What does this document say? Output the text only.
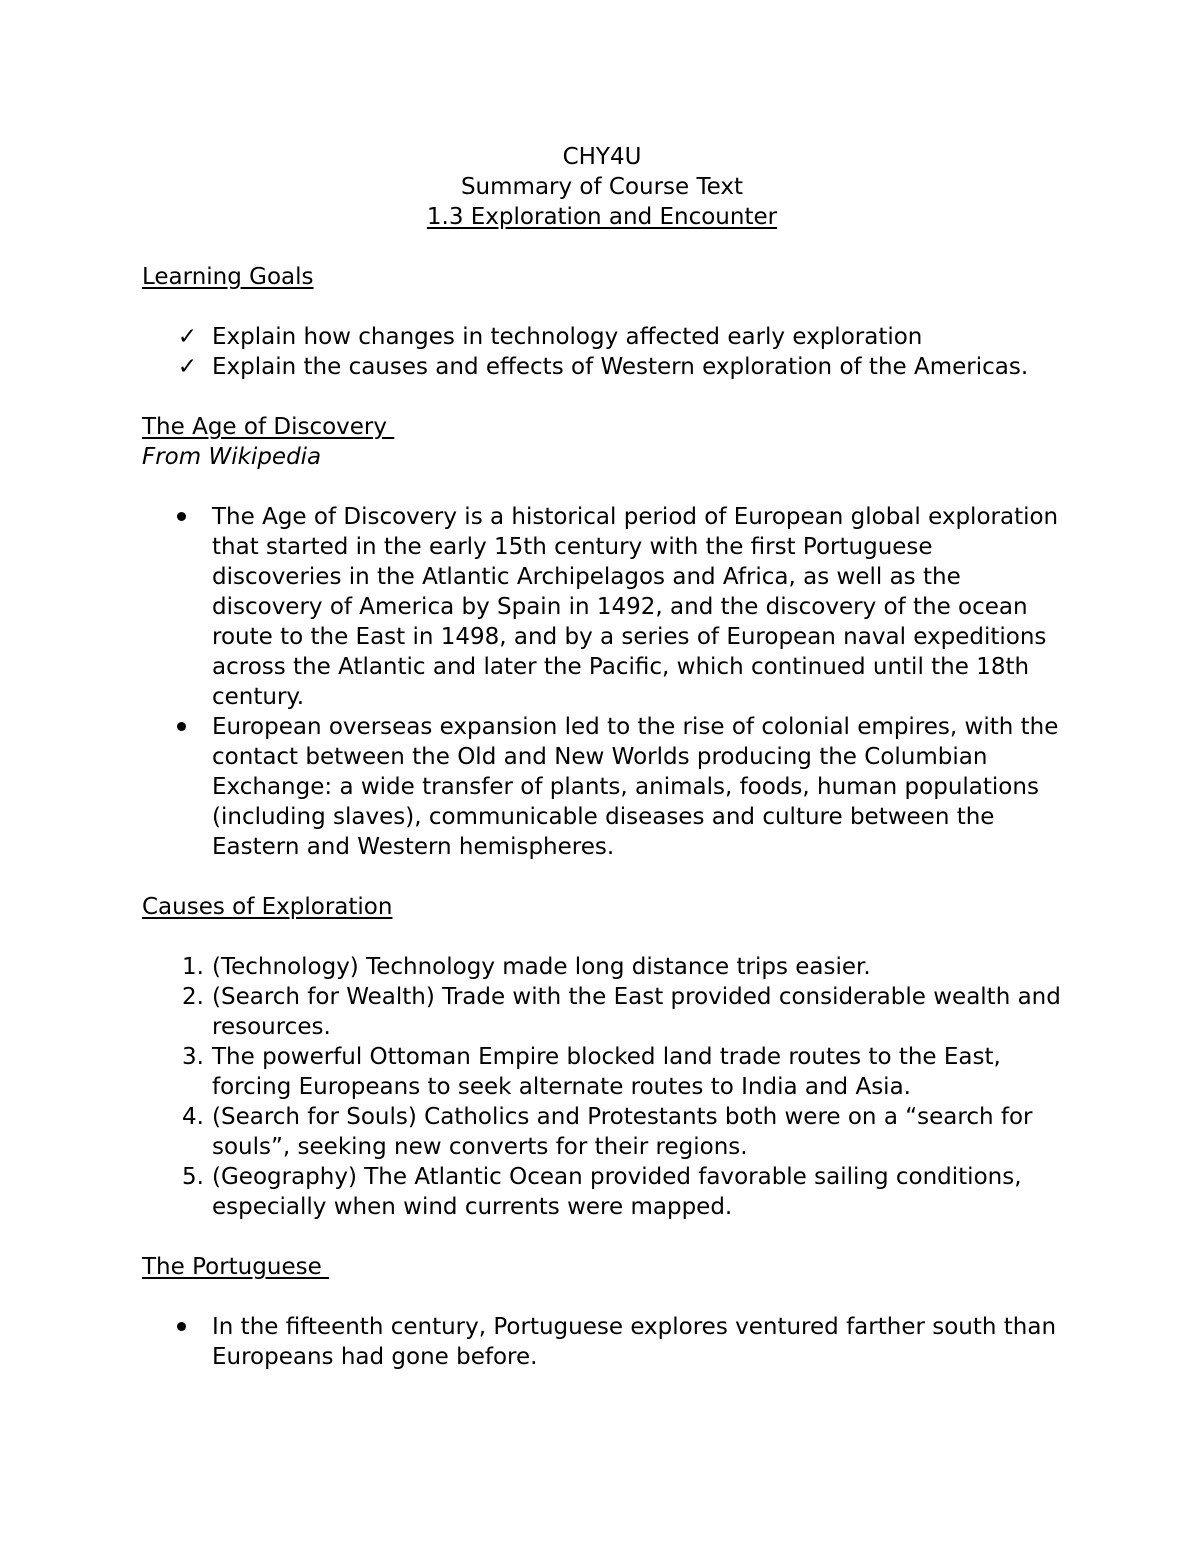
CHY4U
Summary of Course Text
1.3 Exploration and Encounter
Learning Goals
✓ Explain how changes in technology affected early exploration
✓ Explain the causes and effects of Western exploration of the Americas.
The Age of Discovery
From Wikipedia
The Age of Discovery is a historical period of European global exploration that started in the early 15th century with the first Portuguese discoveries in the Atlantic Archipelagos and Africa, as well as the discovery of America by Spain in 1492, and the discovery of the ocean route to the East in 1498, and by a series of European naval expeditions across the Atlantic and later the Pacific, which continued until the 18th century.
European overseas expansion led to the rise of colonial empires, with the contact between the Old and New Worlds producing the Columbian Exchange: a wide transfer of plants, animals, foods, human populations (including slaves), communicable diseases and culture between the Eastern and Western hemispheres.
Causes of Exploration
1. (Technology) Technology made long distance trips easier.
2. (Search for Wealth) Trade with the East provided considerable wealth and resources.
3. The powerful Ottoman Empire blocked land trade routes to the East, forcing Europeans to seek alternate routes to India and Asia.
4. (Search for Souls) Catholics and Protestants both were on a “search for souls”, seeking new converts for their regions.
5. (Geography) The Atlantic Ocean provided favorable sailing conditions, especially when wind currents were mapped.
The Portuguese
In the fifteenth century, Portuguese explores ventured farther south than Europeans had gone before.
